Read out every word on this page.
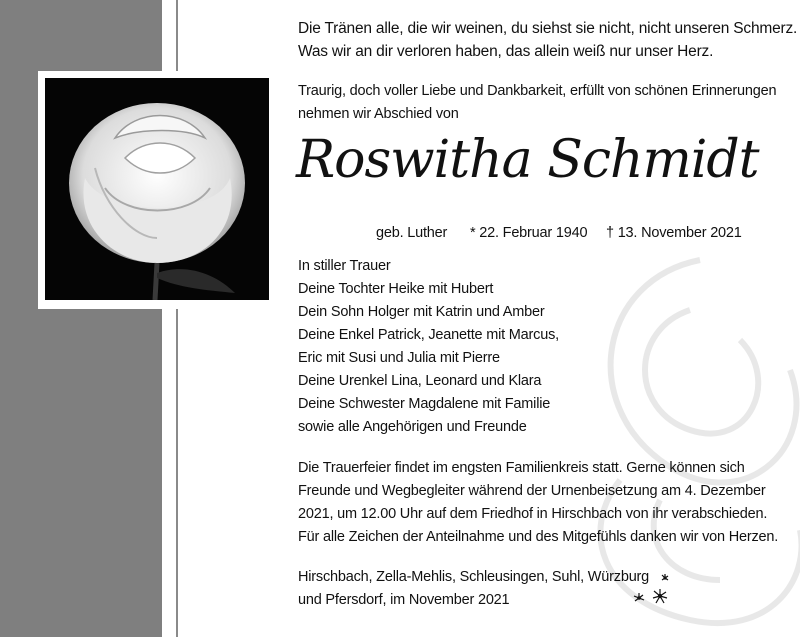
Die Tränen alle, die wir weinen, du siehst sie nicht, nicht unseren Schmerz.
Was wir an dir verloren haben, das allein weiß nur unser Herz.
Traurig, doch voller Liebe und Dankbarkeit, erfüllt von schönen Erinnerungen
nehmen wir Abschied von
Roswitha Schmidt
geb. Luther * 22. Februar 1940 † 13. November 2021
In stiller Trauer
Deine Tochter Heike mit Hubert
Dein Sohn Holger mit Katrin und Amber
Deine Enkel Patrick, Jeanette mit Marcus,
Eric mit Susi und Julia mit Pierre
Deine Urenkel Lina, Leonard und Klara
Deine Schwester Magdalene mit Familie
sowie alle Angehörigen und Freunde
Die Trauerfeier findet im engsten Familienkreis statt. Gerne können sich
Freunde und Wegbegleiter während der Urnenbeisetzung am 4. Dezember
2021, um 12.00 Uhr auf dem Friedhof in Hirschbach von ihr verabschieden.
Für alle Zeichen der Anteilnahme und des Mitgefühls danken wir von Herzen.
Hirschbach, Zella-Mehlis, Schleusingen, Suhl, Würzburg
und Pfersdorf, im November 2021
